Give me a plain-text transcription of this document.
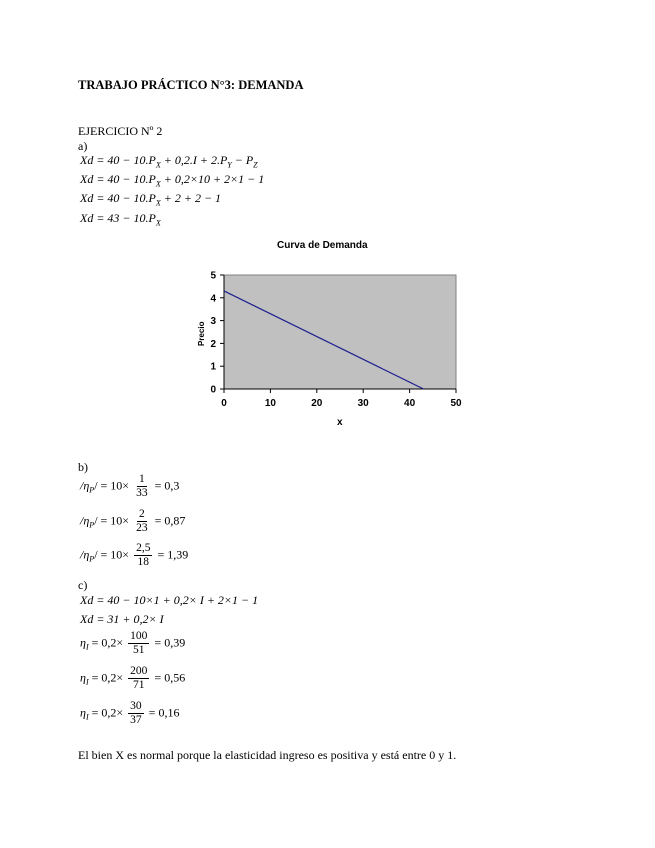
TRABAJO PRÁCTICO N°3: DEMANDA
EJERCICIO Nº 2
a)
$Xd = 40 - 10.P_X + 0,2.I + 2.P_Y - P_Z$
$Xd = 40 - 10.P_X + 0,2\times 10 + 2\times 1 - 1$
$Xd = 40 - 10.P_X + 2 + 2 - 1$
$Xd = 43 - 10.P_X$
Curva de Demanda
0
1
2
3
4
5
0	10	20	30	40	50
Precio
x
b)
$/\eta_P/ = 10\times \frac{1}{33} = 0,3$
$/\eta_P/ = 10\times \frac{2}{23} = 0,87$
$/\eta_P/ = 10\times \frac{2,5}{18} = 1,39$
c)
Xd = 40 − 10×1 + 0,2× I + 2×1 − 1
Xd = 31 + 0,2× I
$\eta_I = 0,2\times \frac{100}{51} = 0,39$
$\eta_I = 0,2\times \frac{200}{71} = 0,56$
$\eta_I = 0,2\times \frac{30}{37} = 0,16$
El bien X es normal porque la elasticidad ingreso es positiva y está entre 0 y 1.
